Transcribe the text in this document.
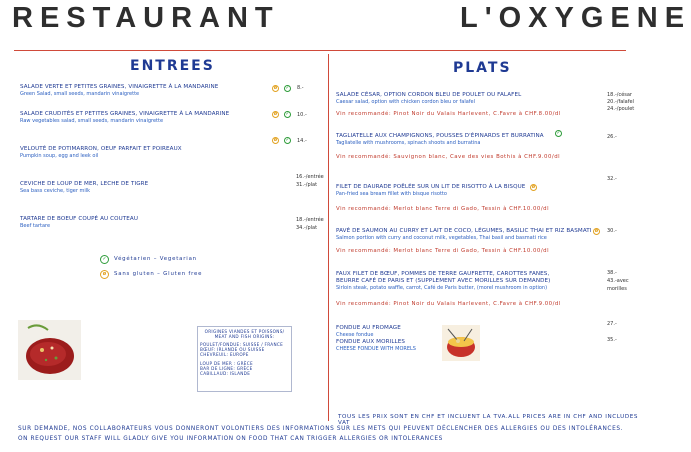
RESTAURANT	L'OXYGENE
ENTREES
SALADE VERTE ET PETITES GRAINES, VINAIGRETTE À LA MANDARINE
Green Salad, small seeds, mandarin vinaigrette
ø	✓ 8.-
SALADE CRUDITÉS ET PETITES GRAINES, VINAIGRETTE À LA MANDARINE
Raw vegetables salad, small seeds, mandarin vinaigrette
ø	✓ 10.-
VELOUTÉ DE POTIMARRON, OEUF PARFAIT ET POIREAUX
Pumpkin soup, egg and leek oil
ø	✓ 14.-
CEVICHE DE LOUP DE MER, LECHE DE TIGRE
Sea bass ceviche, tiger milk
16.-/entrée
31.-/plat
TARTARE DE BOEUF COUPÉ AU COUTEAU
Beef tartare
18.-/entrée
34.-/plat
✓	Végétarien – Vegetarian
ø	Sans gluten – Gluten free
ORIGINES VIANDES ET POISSONS/ MEAT AND FISH ORIGINS:
POULET/FONDUE: SUISSE / FRANCE
BŒUF: IRLANDE OU SUISSE
CHEVREUIL: EUROPE
LOUP DE MER : GRÈCE
BAR DE LIGNE: GRÈCE
CABILLAUD: ISLANDE
PLATS
SALADE CÉSAR, OPTION CORDON BLEU DE POULET OU FALAFEL
Caesar salad, option with chicken cordon bleu or falafel
Vin recommandé: Pinot Noir du Valais Harlevent, C.Favre à CHF.8.00/dl
18.-/césar
20.-/falafel
24.-/poulet
TAGLIATELLE AUX CHAMPIGNONS, POUSSES D'ÉPINARDS ET BURRATINA
Tagliatelle with mushrooms, spinach shoots and burratina
✓
26.-
Vin recommandé: Sauvignon blanc, Cave des vies Bothis à CHF.9.00/dl
FILET DE DAURADE POÊLÉE SUR UN LIT DE RISOTTO À LA BISQUE
Pan-fried sea bream fillet with bisque risotto
ø
32.-
Vin recommandé: Merlot blanc Terre di Gado, Tessin à CHF.10.00/dl
PAVÉ DE SAUMON AU CURRY ET LAIT DE COCO, LÉGUMES, BASILIC THAI ET RIZ BASMATI
Salmon portion with curry and coconut milk, vegetables, Thai basil and basmati rice
ø	30.-
Vin recommandé: Merlot blanc Terre di Gado, Tessin à CHF.10.00/dl
FAUX FILET DE BŒUF, POMMES DE TERRE GAUFRETTE, CAROTTES FANES,
BEURRE CAFÉ DE PARIS ET (SUPPLEMENT AVEC MORILLES SUR DEMANDE)
Sirloin steak, potato waffle, carrot, Café de Paris butter, (morel mushroom in option)
38.-
43.-avec
morilles
Vin recommandé: Pinot Noir du Valais Harlevent, C.Favre à CHF.9.00/dl
FONDUE AU FROMAGE
Cheese fondue
FONDUE AUX MORILLES
CHEESE FONDUE WITH MORELS
27.-
35.-
TOUS LES PRIX SONT EN CHF ET INCLUENT LA TVA.ALL PRICES ARE IN CHF AND INCLUDES VAT
SUR DEMANDE, NOS COLLABORATEURS VOUS DONNERONT VOLONTIERS DES INFORMATIONS SUR LES METS QUI PEUVENT DÉCLENCHER DES ALLERGIES OU DES INTOLÉRANCES.
ON REQUEST OUR STAFF WILL GLADLY GIVE YOU INFORMATION ON FOOD THAT CAN TRIGGER ALLERGIES OR INTOLERANCES
